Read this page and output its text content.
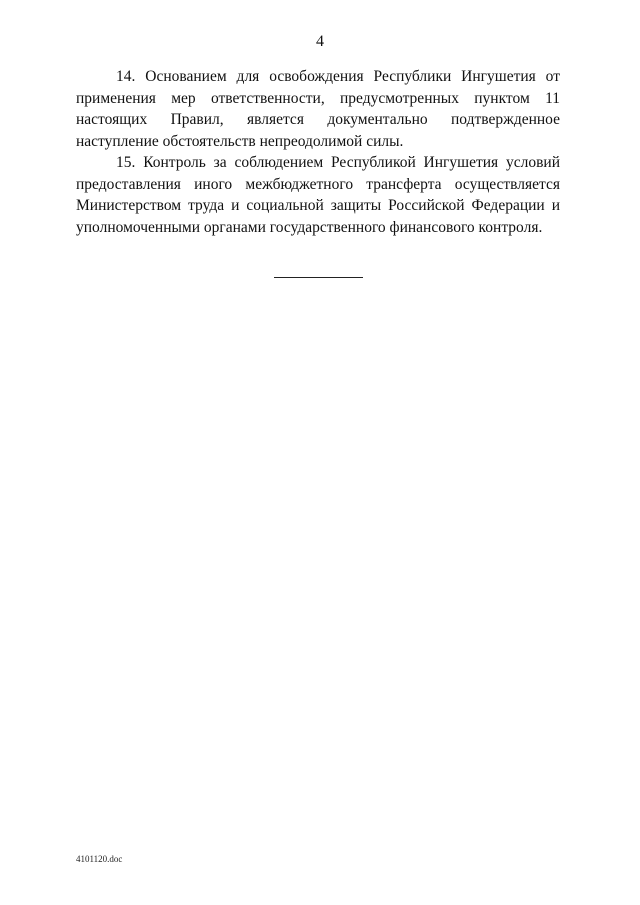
4

14. Основанием для освобождения Республики Ингушетия от применения мер ответственности, предусмотренных пунктом 11 настоящих Правил, является документально подтвержденное наступление обстоятельств непреодолимой силы.

15. Контроль за соблюдением Республикой Ингушетия условий предоставления иного межбюджетного трансферта осуществляется Министерством труда и социальной защиты Российской Федерации и уполномоченными органами государственного финансового контроля.

4101120.doc
